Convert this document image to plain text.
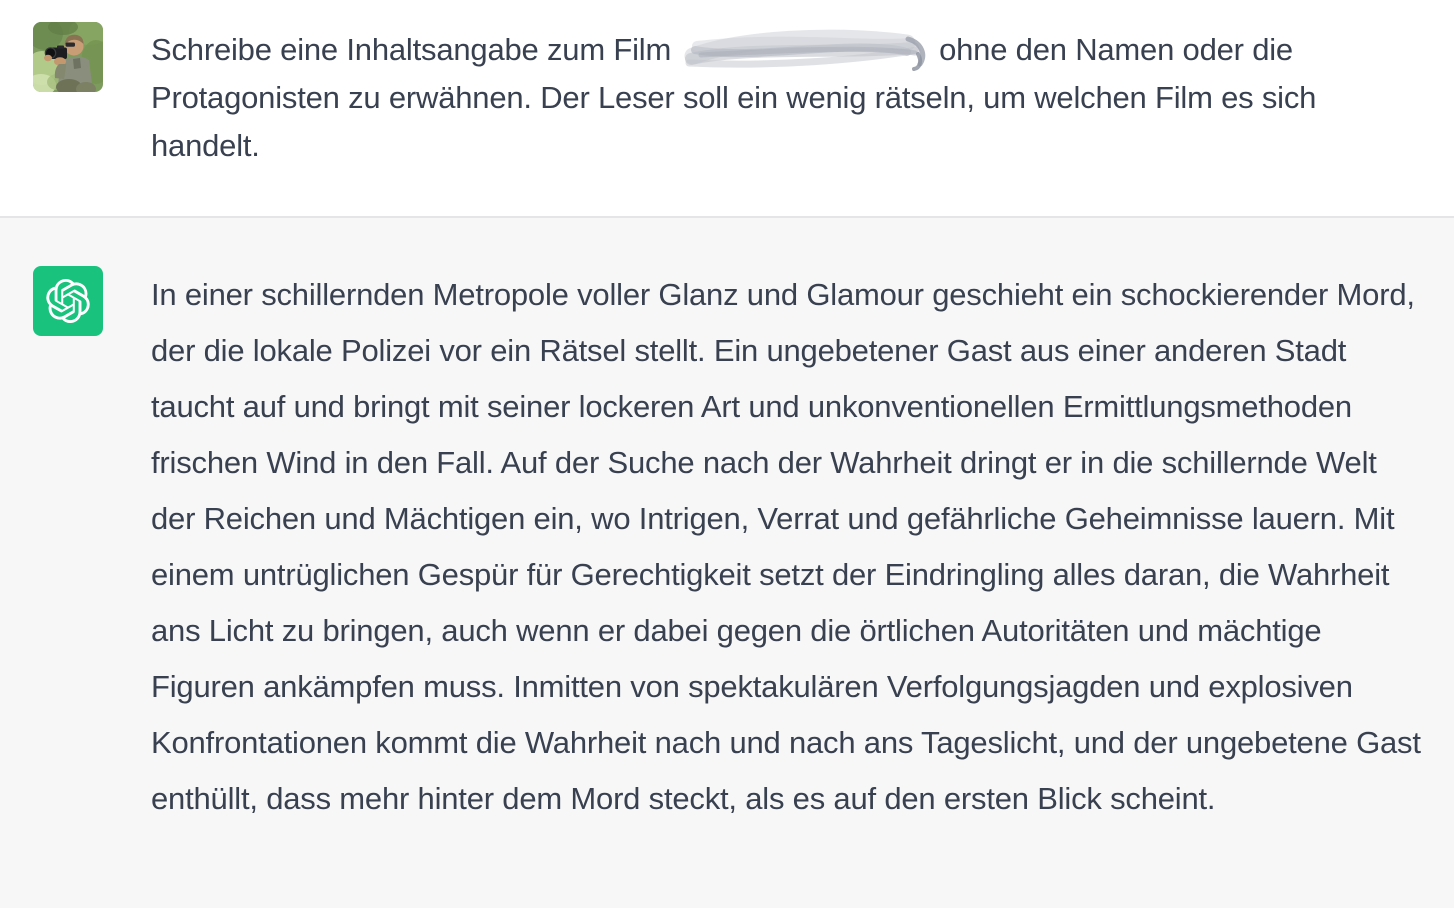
Schreibe eine Inhaltsangabe zum Film	ohne den Namen oder die Protagonisten zu erwähnen. Der Leser soll ein wenig rätseln, um welchen Film es sich handelt.

In einer schillernden Metropole voller Glanz und Glamour geschieht ein schockierender Mord, der die lokale Polizei vor ein Rätsel stellt. Ein ungebetener Gast aus einer anderen Stadt taucht auf und bringt mit seiner lockeren Art und unkonventionellen Ermittlungsmethoden frischen Wind in den Fall. Auf der Suche nach der Wahrheit dringt er in die schillernde Welt der Reichen und Mächtigen ein, wo Intrigen, Verrat und gefährliche Geheimnisse lauern. Mit einem untrüglichen Gespür für Gerechtigkeit setzt der Eindringling alles daran, die Wahrheit ans Licht zu bringen, auch wenn er dabei gegen die örtlichen Autoritäten und mächtige Figuren ankämpfen muss. Inmitten von spektakulären Verfolgungsjagden und explosiven Konfrontationen kommt die Wahrheit nach und nach ans Tageslicht, und der ungebetene Gast enthüllt, dass mehr hinter dem Mord steckt, als es auf den ersten Blick scheint.
